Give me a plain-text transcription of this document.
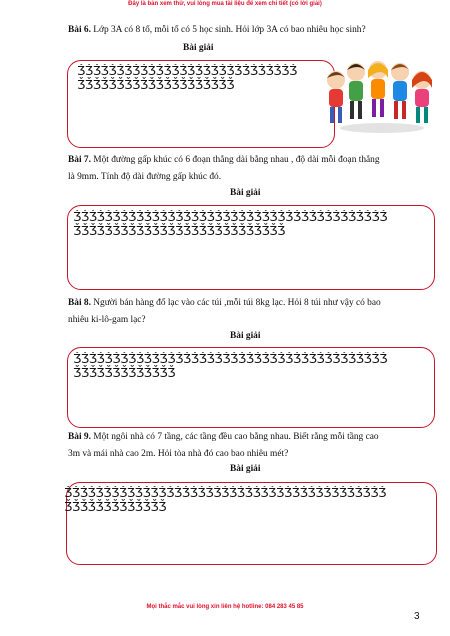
Đây là bản xem thử, vui lòng mua tài liệu để xem chi tiết (có lời giải)
Bài 6. Lớp 3A có 8 tổ, mỗi tổ có 5 học sinh. Hỏi lớp 3A có bao nhiêu học sinh?
Bài giải
ǮǮǮǮǮǮǮǮǮǮǮǮǮǮǮǮǮǮǮǮǮǮǮǮǮǮǮǮ
ǮǮǮǮǮǮǮǮǮǮǮǮǮǮǮǮǮǮǮǮ
Bài 7. Một đường gấp khúc có 6 đoạn thẳng dài bằng nhau , độ dài mỗi đoạn thẳng
là 9mm. Tính độ dài đường gấp khúc đó.
Bài giải
ǮǮǮǮǮǮǮǮǮǮǮǮǮǮǮǮǮǮǮǮǮǮǮǮǮǮǮǮǮǮǮǮǮǮǮǮǮǮǮǮ
ǮǮǮǮǮǮǮǮǮǮǮǮǮǮǮǮǮǮǮǮǮǮǮǮǮǮǮ
Bài 8. Người bán hàng đổ lạc vào các túi ,mỗi túi 8kg lạc. Hỏi 8 túi như vậy có bao
nhiêu ki-lô-gam lạc?
Bài giải
ǮǮǮǮǮǮǮǮǮǮǮǮǮǮǮǮǮǮǮǮǮǮǮǮǮǮǮǮǮǮǮǮǮǮǮǮǮǮǮǮ
ǮǮǮǮǮǮǮǮǮǮǮǮǮ
Bài 9. Một ngôi nhà có 7 tầng, các tầng đều cao bằng nhau. Biết rằng mỗi tầng cao
3m và mái nhà cao 2m. Hỏi tòa nhà đó cao bao nhiêu mét?
Bài giải
ǮǮǮǮǮǮǮǮǮǮǮǮǮǮǮǮǮǮǮǮǮǮǮǮǮǮǮǮǮǮǮǮǮǮǮǮǮǮǮǮǮ
ǮǮǮǮǮǮǮǮǮǮǮǮǮ
Mọi thắc mắc vui lòng xin liên hệ hotline: 084 283 45 85
3
